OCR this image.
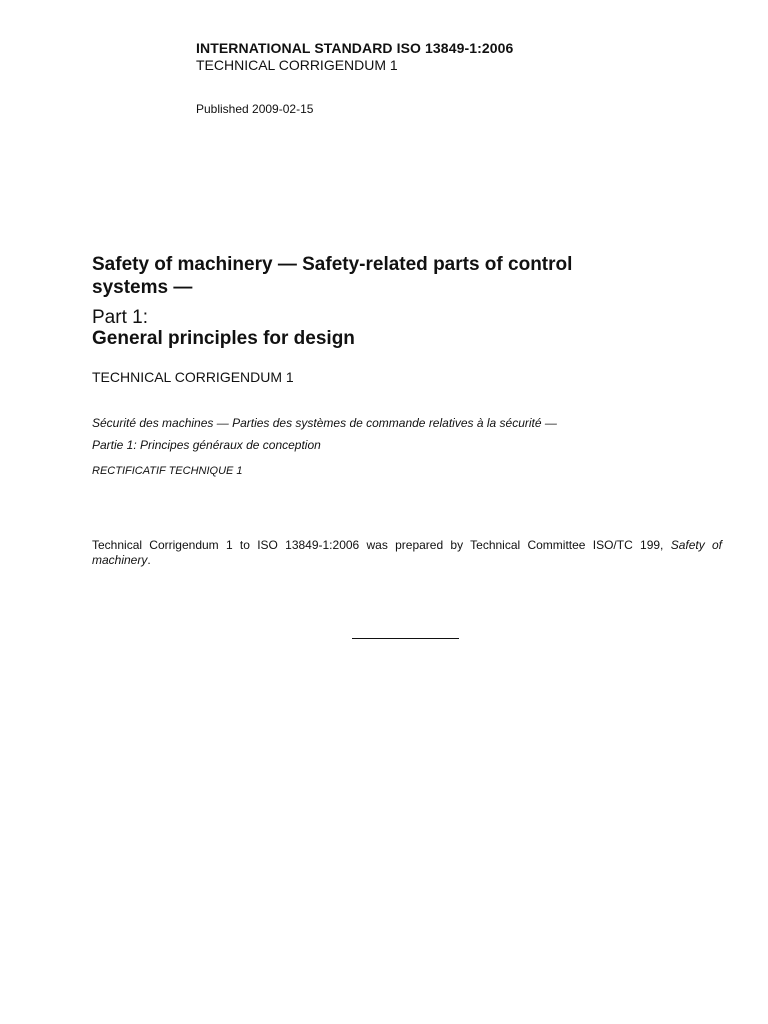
INTERNATIONAL STANDARD ISO 13849-1:2006
TECHNICAL CORRIGENDUM 1
Published 2009-02-15
Safety of machinery — Safety-related parts of control systems —
Part 1:
General principles for design
TECHNICAL CORRIGENDUM 1
Sécurité des machines — Parties des systèmes de commande relatives à la sécurité —
Partie 1: Principes généraux de conception
RECTIFICATIF TECHNIQUE 1
Technical Corrigendum 1 to ISO 13849-1:2006 was prepared by Technical Committee ISO/TC 199, Safety of machinery.
